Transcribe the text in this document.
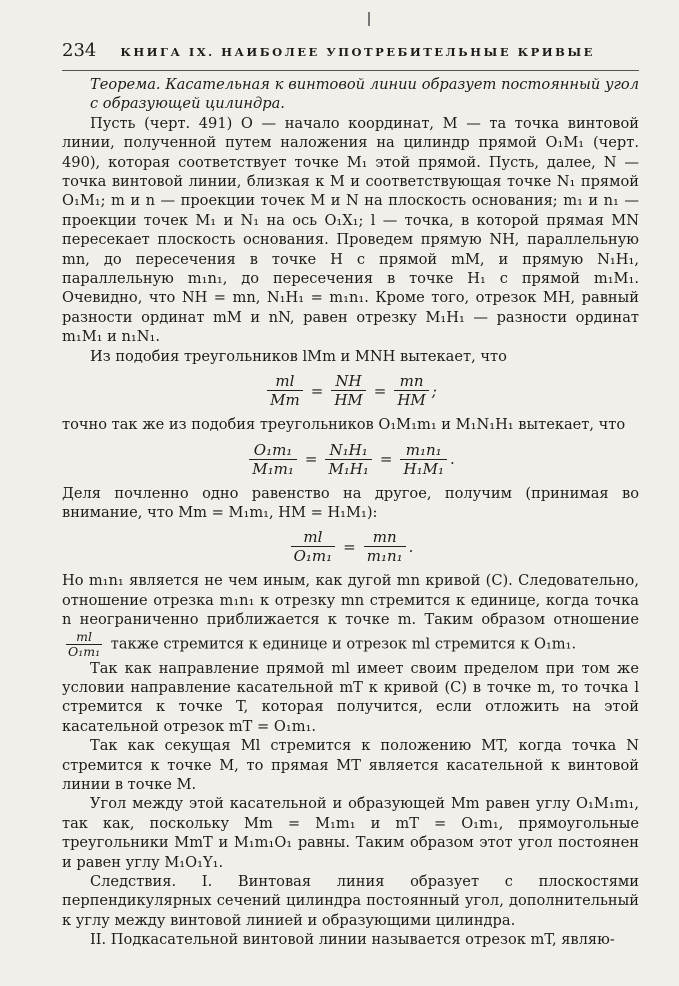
234 КНИГА IX. НАИБОЛЕЕ УПОТРЕБИТЕЛЬНЫЕ КРИВЫЕ

Теорема. Касательная к винтовой линии образует постоянный угол с образующей цилиндра.

Пусть (черт. 491) O — начало координат, M — та точка винтовой линии, полученной путем наложения на цилиндр прямой O₁M₁ (черт. 490), которая соответствует точке M₁ этой прямой. Пусть, далее, N — точка винтовой линии, близкая к M и соответствующая точке N₁ прямой O₁M₁; m и n — проекции точек M и N на плоскость основания; m₁ и n₁ — проекции точек M₁ и N₁ на ось O₁X₁; l — точка, в которой прямая MN пересекает плоскость основания. Проведем прямую NH, параллельную mn, до пересечения в точке H с прямой mM, и прямую N₁H₁, параллельную m₁n₁, до пересечения в точке H₁ с прямой m₁M₁. Очевидно, что NH = mn, N₁H₁ = m₁n₁. Кроме того, отрезок MH, равный разности ординат mM и nN, равен отрезку M₁H₁ — разности ординат m₁M₁ и n₁N₁.

Из подобия треугольников lMm и MNH вытекает, что

$\frac{ml}{Mm} = \frac{NH}{HM} = \frac{mn}{HM}$ ;

точно так же из подобия треугольников O₁M₁m₁ и M₁N₁H₁ вытекает, что

$\frac{\text{O₁m₁}}{\text{M₁m₁}} = \frac{\text{N₁H₁}}{\text{M₁H₁}} = \frac{\text{m₁n₁}}{\text{H₁M₁}}$ .

Деля почленно одно равенство на другое, получим (принимая во внимание, что Mm = M₁m₁, HM = H₁M₁):

$\frac{ml}{\text{O₁m₁}} = \frac{mn}{\text{m₁n₁}}$ .

Но m₁n₁ является не чем иным, как дугой mn кривой (C). Следовательно, отношение отрезка m₁n₁ к отрезку mn стремится к единице, когда точка n неограниченно приближается к точке m. Таким образом отношение
$\frac{ml}{\text{O₁m₁}}$ также стремится к единице и отрезок ml стремится к O₁m₁.

Так как направление прямой ml имеет своим пределом при том же условии направление касательной mT к кривой (C) в точке m, то точка l стремится к точке T, которая получится, если отложить на этой касательной отрезок mT = O₁m₁.

Так как секущая Ml стремится к положению MT, когда точка N стремится к точке M, то прямая MT является касательной к винтовой линии в точке M.

Угол между этой касательной и образующей Mm равен углу O₁M₁m₁, так как, поскольку Mm = M₁m₁ и mT = O₁m₁, прямоугольные треугольники MmT и M₁m₁O₁ равны. Таким образом этот угол постоянен и равен углу M₁O₁Y₁.

Следствия. I. Винтовая линия образует с плоскостями перпендикулярных сечений цилиндра постоянный угол, дополнительный к углу между винтовой линией и образующими цилиндра.

II. Подкасательной винтовой линии называется отрезок mT, являю-
